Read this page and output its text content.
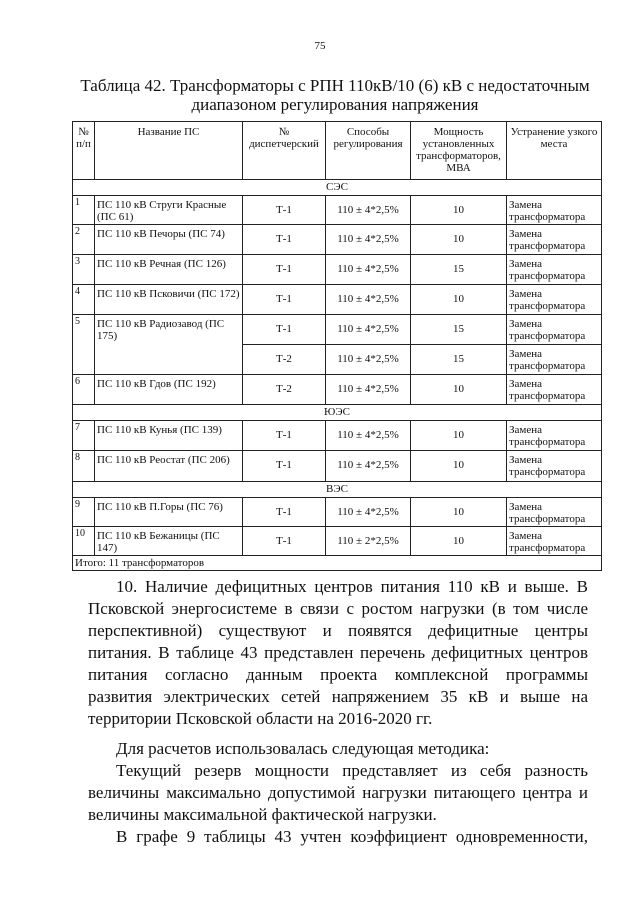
75
Таблица 42. Трансформаторы с РПН 110кВ/10 (6) кВ с недостаточным
диапазоном регулирования напряжения
№ п/п	Название ПС	№ диспетчерский	Способы регулирования	Мощность установленных трансформаторов, МВА	Устранение узкого места
СЭС					
1	ПС 110 кВ Струги Красные (ПС 61)	Т-1	110 ± 4*2,5%	10	Замена трансформатора
2	ПС 110 кВ Печоры (ПС 74)	Т-1	110 ± 4*2,5%	10	Замена трансформатора
3	ПС 110 кВ Речная (ПС 126)	Т-1	110 ± 4*2,5%	15	Замена трансформатора
4	ПС 110 кВ Псковичи (ПС 172)	Т-1	110 ± 4*2,5%	10	Замена трансформатора
5	ПС 110 кВ Радиозавод (ПС 175)	Т-1	110 ± 4*2,5%	15	Замена трансформатора
		Т-2	110 ± 4*2,5%	15	Замена трансформатора
6	ПС 110 кВ Гдов (ПС 192)	Т-2	110 ± 4*2,5%	10	Замена трансформатора
ЮЭС					
7	ПС 110 кВ Кунья (ПС 139)	Т-1	110 ± 4*2,5%	10	Замена трансформатора
8	ПС 110 кВ Реостат (ПС 206)	Т-1	110 ± 4*2,5%	10	Замена трансформатора
ВЭС					
9	ПС 110 кВ П.Горы (ПС 76)	Т-1	110 ± 4*2,5%	10	Замена трансформатора
10	ПС 110 кВ Бежаницы (ПС 147)	Т-1	110 ± 2*2,5%	10	Замена трансформатора
Итого: 11 трансформаторов					
10. Наличие дефицитных центров питания 110 кВ и выше. В Псковской энергосистеме в связи с ростом нагрузки (в том числе перспективной) существуют и появятся дефицитные центры питания. В таблице 43 представлен перечень дефицитных центров питания согласно данным проекта комплексной программы развития электрических сетей напряжением 35 кВ и выше на территории Псковской области на 2016-2020 гг.
Для расчетов использовалась следующая методика:
Текущий резерв мощности представляет из себя разность величины максимально допустимой нагрузки питающего центра и величины максимальной фактической нагрузки.
В графе 9 таблицы 43 учтен коэффициент одновременности,
